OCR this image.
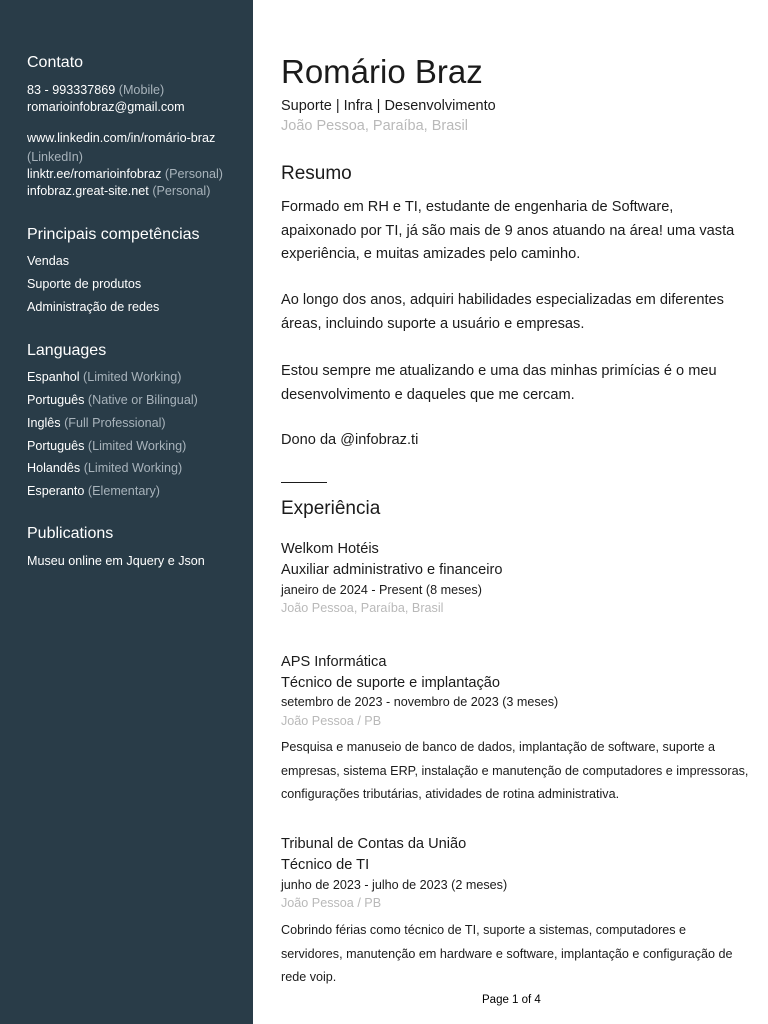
Contato
83 - 993337869 (Mobile)
romarioinfobraz@gmail.com
www.linkedin.com/in/romário-braz
(LinkedIn)
linktr.ee/romarioinfobraz (Personal)
infobraz.great-site.net (Personal)
Principais competências
Vendas
Suporte de produtos
Administração de redes
Languages
Espanhol (Limited Working)
Português (Native or Bilingual)
Inglês (Full Professional)
Português (Limited Working)
Holandês (Limited Working)
Esperanto (Elementary)
Publications
Museu online em Jquery e Json
Romário Braz
Suporte | Infra | Desenvolvimento
João Pessoa, Paraíba, Brasil
Resumo
Formado em RH e TI, estudante de engenharia de Software, apaixonado por TI, já são mais de 9 anos atuando na área! uma vasta experiência, e muitas amizades pelo caminho.
Ao longo dos anos, adquiri habilidades especializadas em diferentes áreas, incluindo suporte a usuário e empresas.
Estou sempre me atualizando e uma das minhas primícias é o meu desenvolvimento e daqueles que me cercam.
Dono da @infobraz.ti
Experiência
Welkom Hotéis
Auxiliar administrativo e financeiro
janeiro de 2024 - Present (8 meses)
João Pessoa, Paraíba, Brasil
APS Informática
Técnico de suporte e implantação
setembro de 2023 - novembro de 2023 (3 meses)
João Pessoa / PB
Pesquisa e manuseio de banco de dados, implantação de software, suporte a empresas, sistema ERP, instalação e manutenção de computadores e impressoras, configurações tributárias, atividades de rotina administrativa.
Tribunal de Contas da União
Técnico de TI
junho de 2023 - julho de 2023 (2 meses)
João Pessoa / PB
Cobrindo férias como técnico de TI, suporte a sistemas, computadores e servidores, manutenção em hardware e software, implantação e configuração de rede voip.
Page 1 of 4
